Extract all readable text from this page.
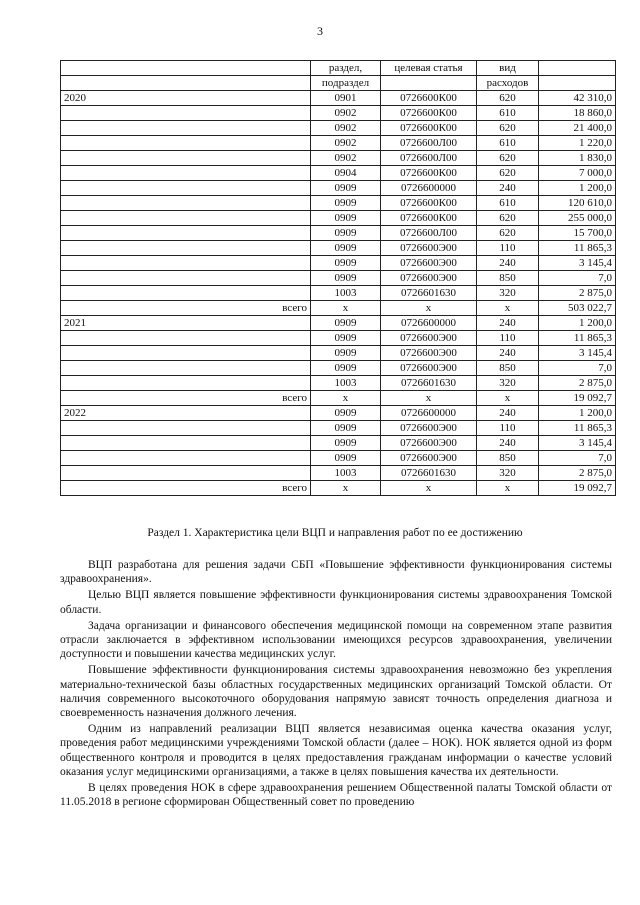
3
	раздел,	целевая статья	вид	
	подраздел		расходов	
2020	0901	0726600К00	620	42 310,0
	0902	0726600К00	610	18 860,0
	0902	0726600К00	620	21 400,0
	0902	0726600Л00	610	1 220,0
	0902	0726600Л00	620	1 830,0
	0904	0726600К00	620	7 000,0
	0909	0726600000	240	1 200,0
	0909	0726600К00	610	120 610,0
	0909	0726600К00	620	255 000,0
	0909	0726600Л00	620	15 700,0
	0909	0726600Э00	110	11 865,3
	0909	0726600Э00	240	3 145,4
	0909	0726600Э00	850	7,0
	1003	0726601630	320	2 875,0
всего	х	х	х	503 022,7
2021	0909	0726600000	240	1 200,0
	0909	0726600Э00	110	11 865,3
	0909	0726600Э00	240	3 145,4
	0909	0726600Э00	850	7,0
	1003	0726601630	320	2 875,0
всего	х	х	х	19 092,7
2022	0909	0726600000	240	1 200,0
	0909	0726600Э00	110	11 865,3
	0909	0726600Э00	240	3 145,4
	0909	0726600Э00	850	7,0
	1003	0726601630	320	2 875,0
всего	х	х	х	19 092,7
Раздел 1. Характеристика цели ВЦП и направления работ по ее достижению

ВЦП разработана для решения задачи СБП «Повышение эффективности функционирования системы здравоохранения».

Целью ВЦП является повышение эффективности функционирования системы здравоохранения Томской области.

Задача организации и финансового обеспечения медицинской помощи на современном этапе развития отрасли заключается в эффективном использовании имеющихся ресурсов здравоохранения, увеличении доступности и повышении качества медицинских услуг.

Повышение эффективности функционирования системы здравоохранения невозможно без укрепления материально-технической базы областных государственных медицинских организаций Томской области. От наличия современного высокоточного оборудования напрямую зависят точность определения диагноза и своевременность назначения должного лечения.

Одним из направлений реализации ВЦП является независимая оценка качества оказания услуг, проведения работ медицинскими учреждениями Томской области (далее – НОК). НОК является одной из форм общественного контроля и проводится в целях предоставления гражданам информации о качестве условий оказания услуг медицинскими организациями, а также в целях повышения качества их деятельности.

В целях проведения НОК в сфере здравоохранения решением Общественной палаты Томской области от 11.05.2018 в регионе сформирован Общественный совет по проведению
